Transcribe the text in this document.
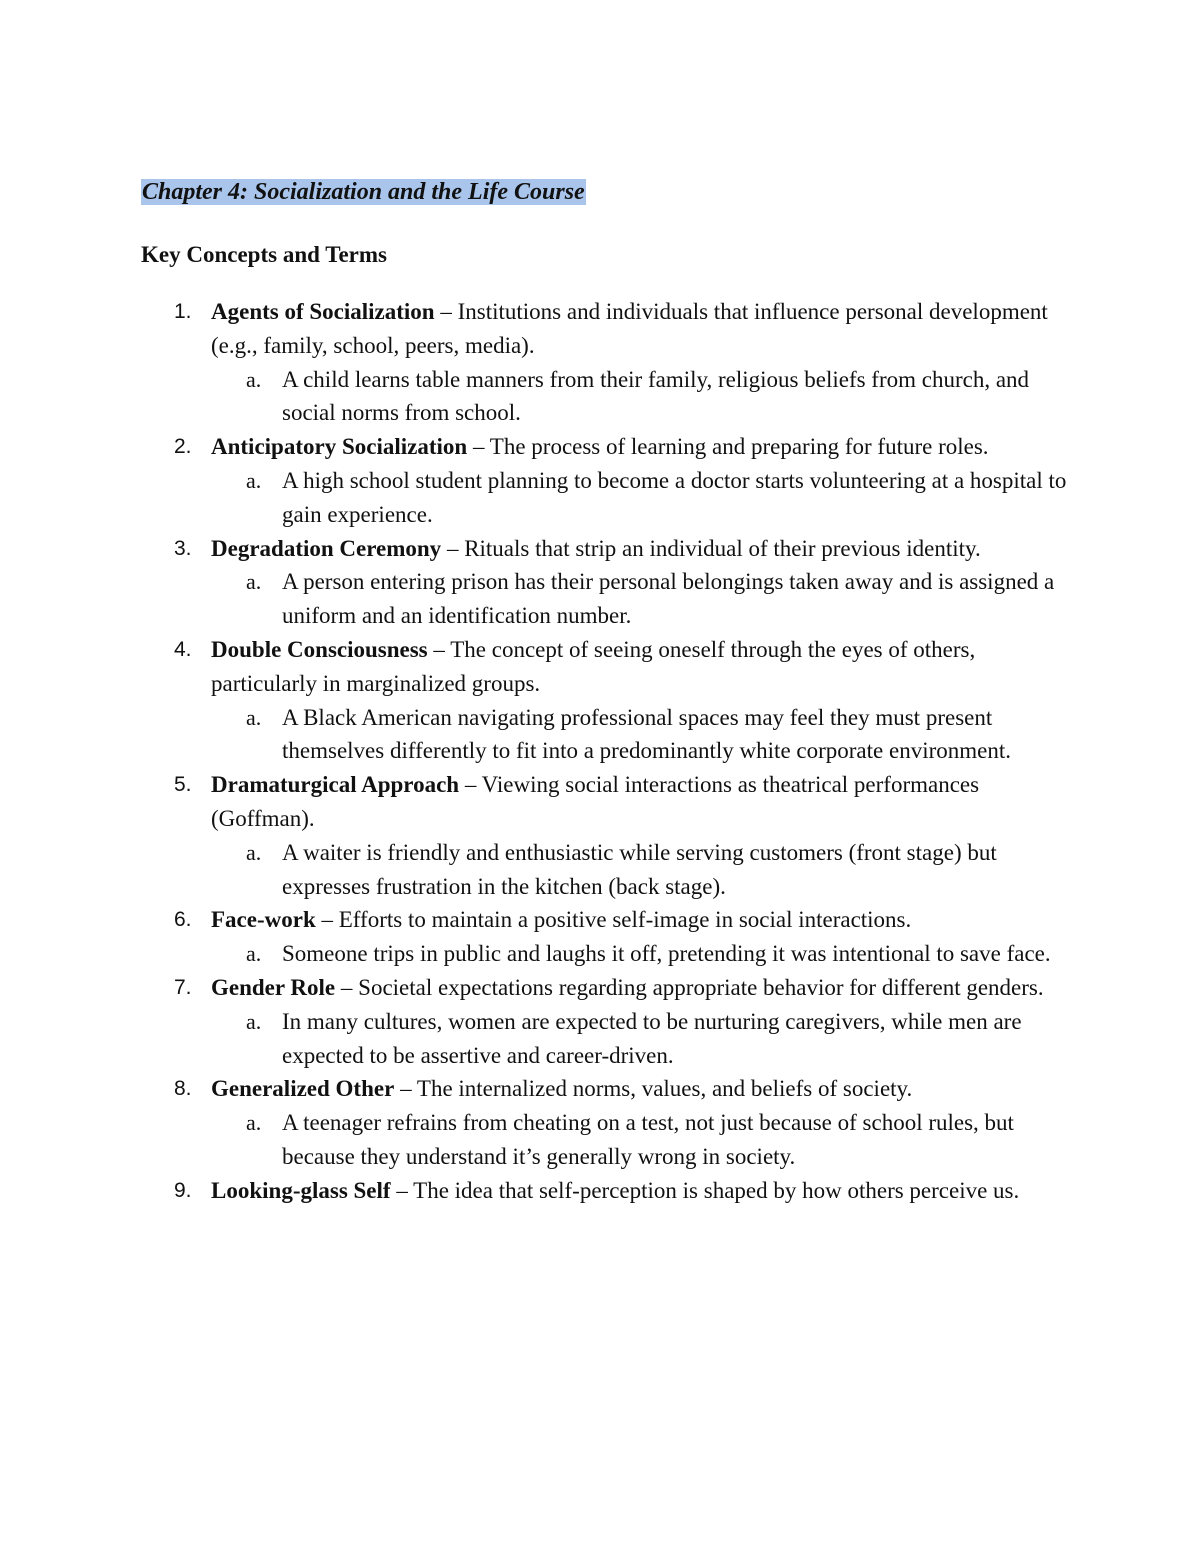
Chapter 4: Socialization and the Life Course
Key Concepts and Terms
1. Agents of Socialization – Institutions and individuals that influence personal development (e.g., family, school, peers, media).
a. A child learns table manners from their family, religious beliefs from church, and social norms from school.
2. Anticipatory Socialization – The process of learning and preparing for future roles.
a. A high school student planning to become a doctor starts volunteering at a hospital to gain experience.
3. Degradation Ceremony – Rituals that strip an individual of their previous identity.
a. A person entering prison has their personal belongings taken away and is assigned a uniform and an identification number.
4. Double Consciousness – The concept of seeing oneself through the eyes of others, particularly in marginalized groups.
a. A Black American navigating professional spaces may feel they must present themselves differently to fit into a predominantly white corporate environment.
5. Dramaturgical Approach – Viewing social interactions as theatrical performances (Goffman).
a. A waiter is friendly and enthusiastic while serving customers (front stage) but expresses frustration in the kitchen (back stage).
6. Face-work – Efforts to maintain a positive self-image in social interactions.
a. Someone trips in public and laughs it off, pretending it was intentional to save face.
7. Gender Role – Societal expectations regarding appropriate behavior for different genders.
a. In many cultures, women are expected to be nurturing caregivers, while men are expected to be assertive and career-driven.
8. Generalized Other – The internalized norms, values, and beliefs of society.
a. A teenager refrains from cheating on a test, not just because of school rules, but because they understand it’s generally wrong in society.
9. Looking-glass Self – The idea that self-perception is shaped by how others perceive us.
